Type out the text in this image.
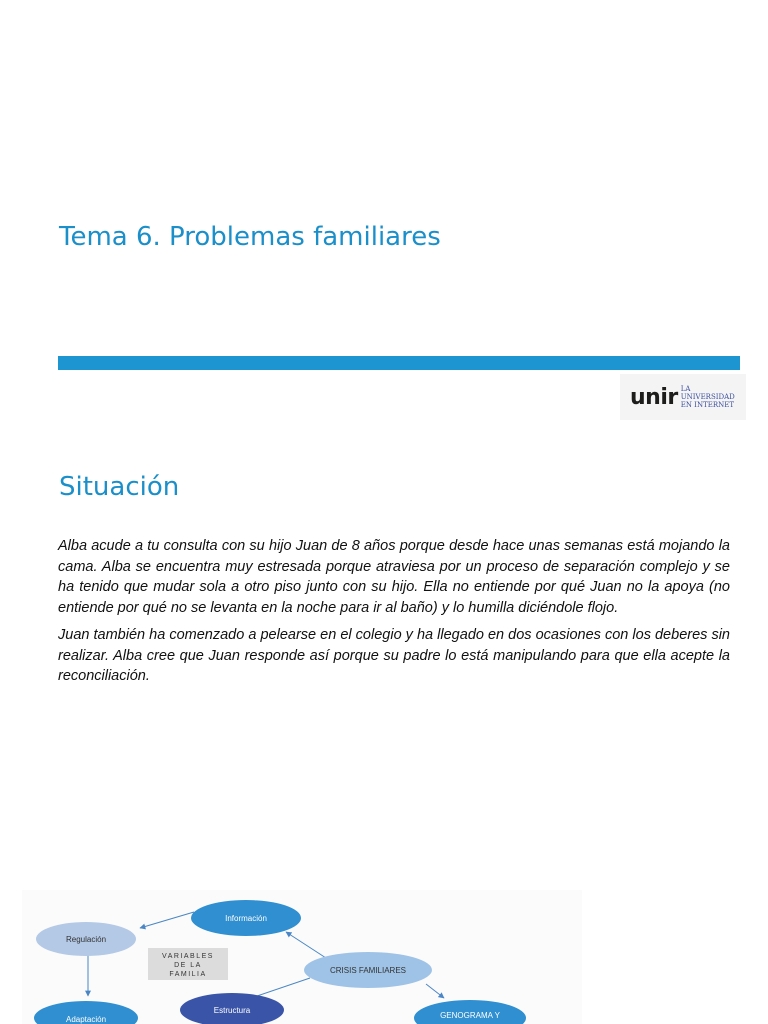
Tema 6. Problemas familiares
unir LA UNIVERSIDAD
EN INTERNET
Situación

Alba acude a tu consulta con su hijo Juan de 8 años porque desde hace unas semanas está mojando la cama. Alba se encuentra muy estresada porque atraviesa por un proceso de separación complejo y se ha tenido que mudar sola a otro piso junto con su hijo. Ella no entiende por qué Juan no la apoya (no entiende por qué no se levanta en la noche para ir al baño) y lo humilla diciéndole flojo.

Juan también ha comenzado a pelearse en el colegio y ha llegado en dos ocasiones con los deberes sin realizar. Alba cree que Juan responde así porque su padre lo está manipulando para que ella acepte la reconciliación.

Información
Regulación
VARIABLES
DE LA
FAMILIA	CRISIS FAMILIARES
Estructura
Adaptación	GENOGRAMA Y
